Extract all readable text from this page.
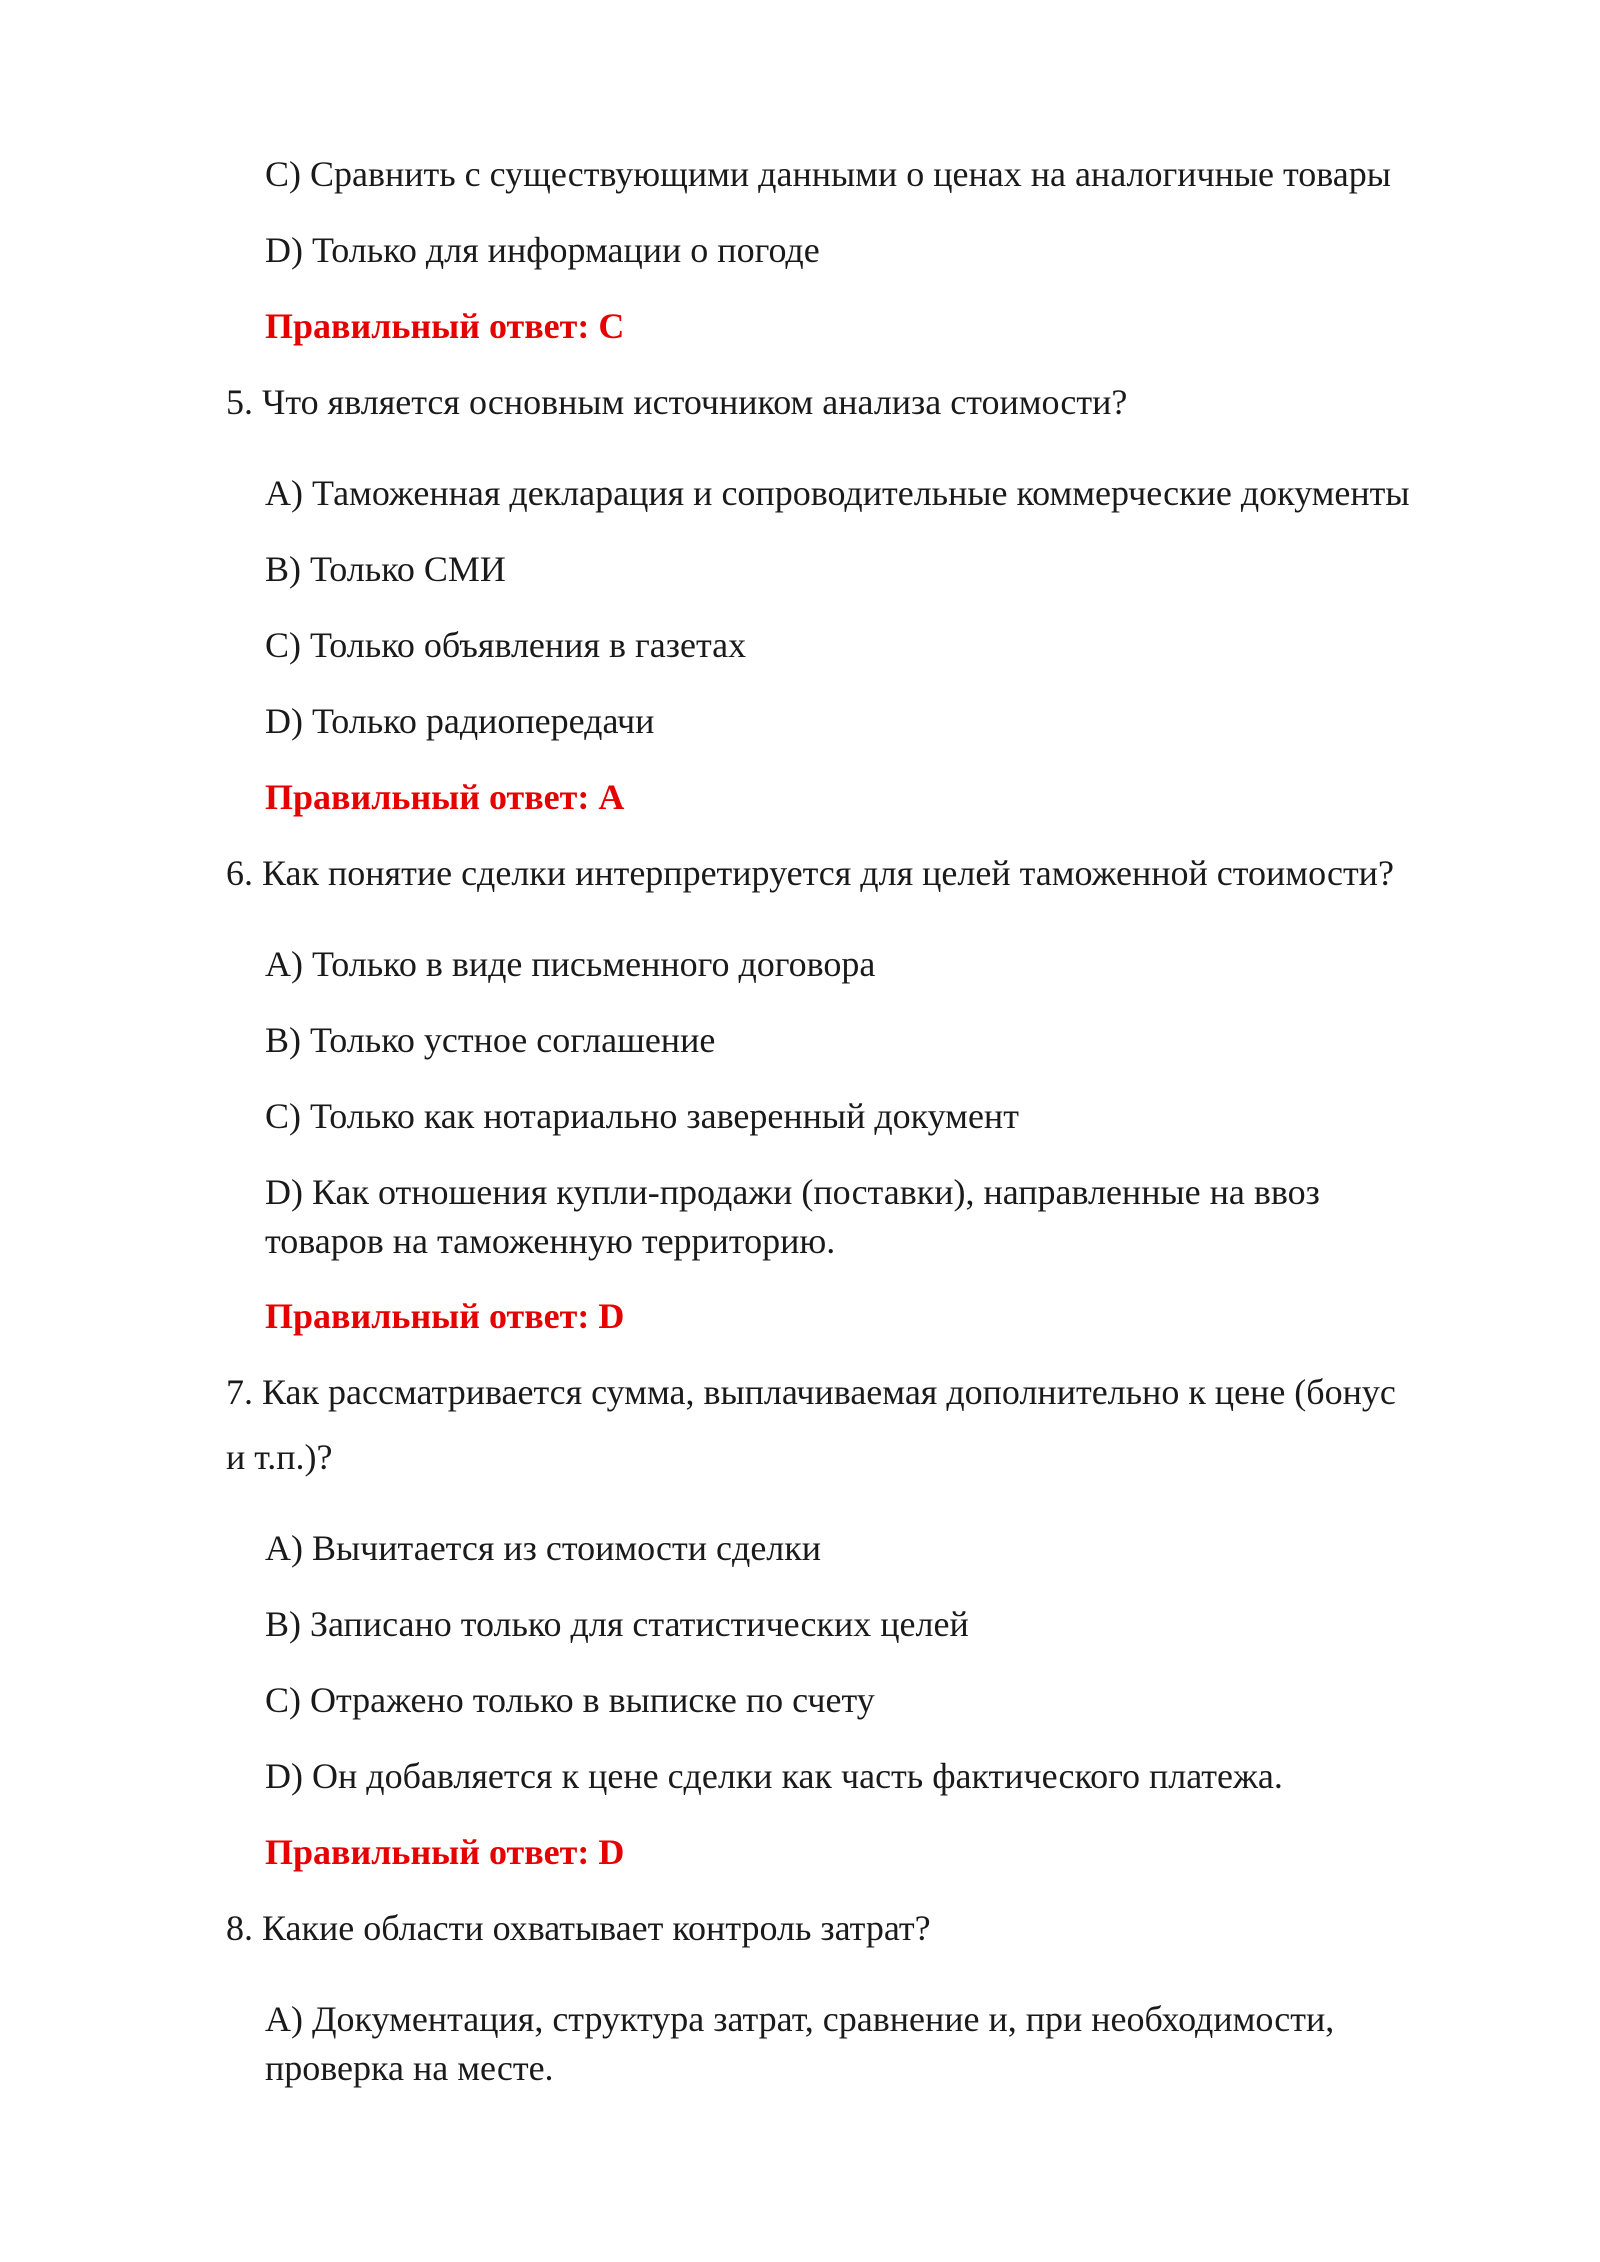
C) Сравнить с существующими данными о ценах на аналогичные товары
D) Только для информации о погоде
Правильный ответ: C
5. Что является основным источником анализа стоимости?
A) Таможенная декларация и сопроводительные коммерческие документы
B) Только СМИ
C) Только объявления в газетах
D) Только радиопередачи
Правильный ответ: A
6. Как понятие сделки интерпретируется для целей таможенной стоимости?
A) Только в виде письменного договора
B) Только устное соглашение
C) Только как нотариально заверенный документ
D) Как отношения купли-продажи (поставки), направленные на ввоз
товаров на таможенную территорию.
Правильный ответ: D
7. Как рассматривается сумма, выплачиваемая дополнительно к цене (бонус
и т.п.)?
A) Вычитается из стоимости сделки
B) Записано только для статистических целей
C) Отражено только в выписке по счету
D) Он добавляется к цене сделки как часть фактического платежа.
Правильный ответ: D
8. Какие области охватывает контроль затрат?
A) Документация, структура затрат, сравнение и, при необходимости,
проверка на месте.
